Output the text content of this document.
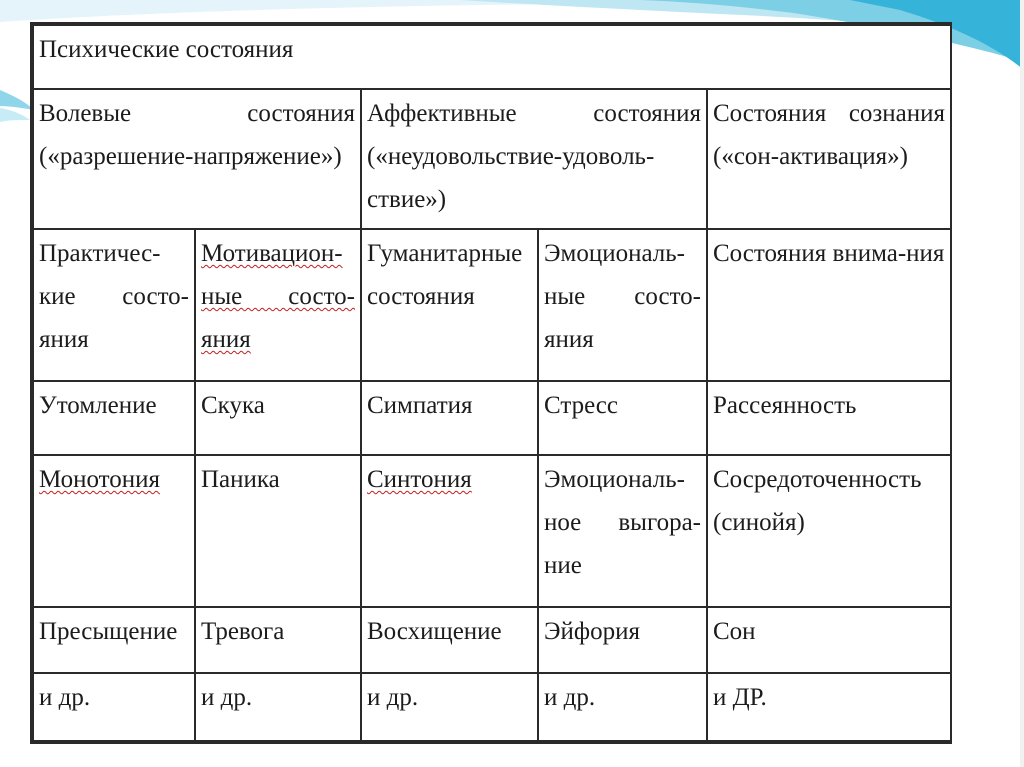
Психические состояния				
Волевые состояния («разрешение-напряжение»)		Аффективные состояния («неудовольствие-удоволь-ствие»)		Состояния сознания («сон-активация»)
Практичес-кие состо-яния	Мотивацион-ные состо-яния	Гуманитарные состояния	Эмоциональ-ные состо-яния	Состояния внима-ния
Утомление	Скука	Симпатия	Стресс	Рассеянность
Монотония	Паника	Синтония	Эмоциональ-ное выгора-ние	Сосредоточенность (синойя)
Пресыщение	Тревога	Восхищение	Эйфория	Сон
и др.	и др.	и др.	и др.	и ДР.
